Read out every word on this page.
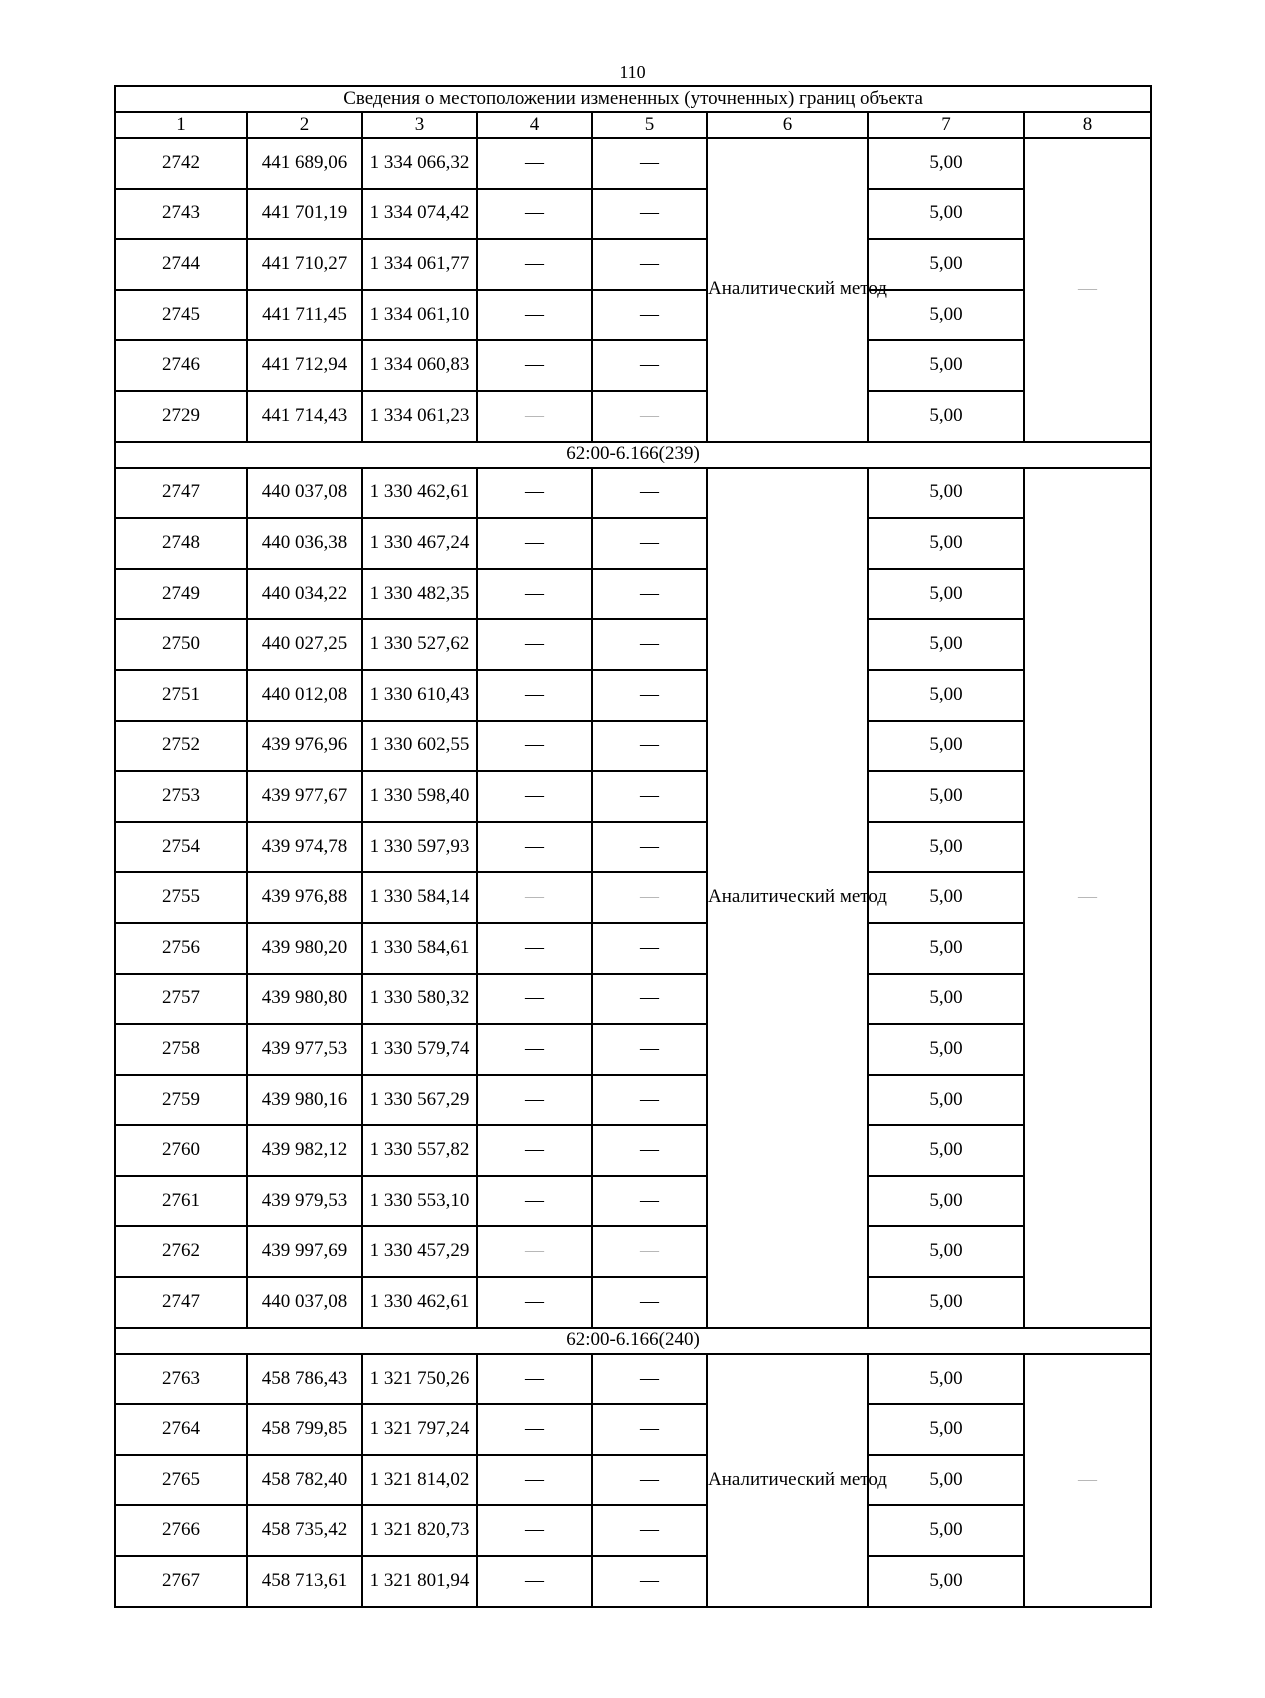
110
Сведения о местоположении измененных (уточненных) границ объекта							
1	2	3	4	5	6	7	8
2742	441 689,06	1 334 066,32	—	—	Аналитический метод	5,00	—
2743	441 701,19	1 334 074,42	—	—		5,00	
2744	441 710,27	1 334 061,77	—	—		5,00	
2745	441 711,45	1 334 061,10	—	—		5,00	
2746	441 712,94	1 334 060,83	—	—		5,00	
2729	441 714,43	1 334 061,23	—	—		5,00	
62:00-6.166(239)							
2747	440 037,08	1 330 462,61	—	—	Аналитический метод	5,00	—
2748	440 036,38	1 330 467,24	—	—		5,00	
2749	440 034,22	1 330 482,35	—	—		5,00	
2750	440 027,25	1 330 527,62	—	—		5,00	
2751	440 012,08	1 330 610,43	—	—		5,00	
2752	439 976,96	1 330 602,55	—	—		5,00	
2753	439 977,67	1 330 598,40	—	—		5,00	
2754	439 974,78	1 330 597,93	—	—		5,00	
2755	439 976,88	1 330 584,14	—	—		5,00	
2756	439 980,20	1 330 584,61	—	—		5,00	
2757	439 980,80	1 330 580,32	—	—		5,00	
2758	439 977,53	1 330 579,74	—	—		5,00	
2759	439 980,16	1 330 567,29	—	—		5,00	
2760	439 982,12	1 330 557,82	—	—		5,00	
2761	439 979,53	1 330 553,10	—	—		5,00	
2762	439 997,69	1 330 457,29	—	—		5,00	
2747	440 037,08	1 330 462,61	—	—		5,00	
62:00-6.166(240)							
2763	458 786,43	1 321 750,26	—	—	Аналитический метод	5,00	—
2764	458 799,85	1 321 797,24	—	—		5,00	
2765	458 782,40	1 321 814,02	—	—		5,00	
2766	458 735,42	1 321 820,73	—	—		5,00	
2767	458 713,61	1 321 801,94	—	—		5,00	
